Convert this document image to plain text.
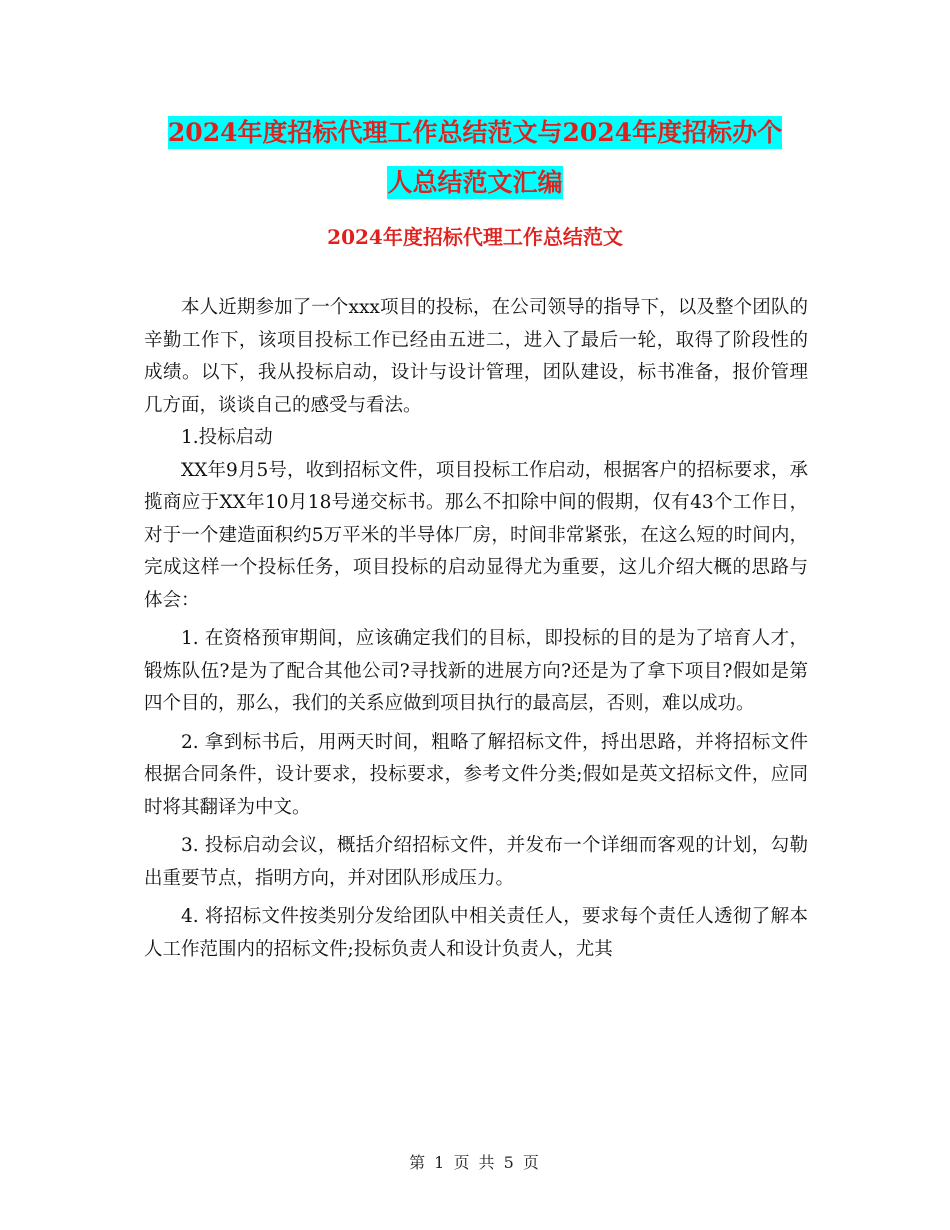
2024年度招标代理工作总结范文与2024年度招标办个
人总结范文汇编
2024年度招标代理工作总结范文

本人近期参加了一个xxx项目的投标，在公司领导的指导下，以及整个团队的辛勤工作下，该项目投标工作已经由五进二，进入了最后一轮，取得了阶段性的成绩。以下，我从投标启动，设计与设计管理，团队建设，标书准备，报价管理几方面，谈谈自己的感受与看法。

1.投标启动

XX年9月5号，收到招标文件，项目投标工作启动，根据客户的招标要求，承揽商应于XX年10月18号递交标书。那么不扣除中间的假期，仅有43个工作日，对于一个建造面积约5万平米的半导体厂房，时间非常紧张，在这么短的时间内，完成这样一个投标任务，项目投标的启动显得尤为重要，这儿介绍大概的思路与体会：

1. 在资格预审期间，应该确定我们的目标，即投标的目的是为了培育人才，锻炼队伍?是为了配合其他公司?寻找新的进展方向?还是为了拿下项目?假如是第四个目的，那么，我们的关系应做到项目执行的最高层，否则，难以成功。

2. 拿到标书后，用两天时间，粗略了解招标文件，捋出思路，并将招标文件根据合同条件，设计要求，投标要求，参考文件分类;假如是英文招标文件，应同时将其翻译为中文。

3. 投标启动会议，概括介绍招标文件，并发布一个详细而客观的计划，勾勒出重要节点，指明方向，并对团队形成压力。

4. 将招标文件按类别分发给团队中相关责任人，要求每个责任人透彻了解本人工作范围内的招标文件;投标负责人和设计负责人，尤其

第 1 页 共 5 页
